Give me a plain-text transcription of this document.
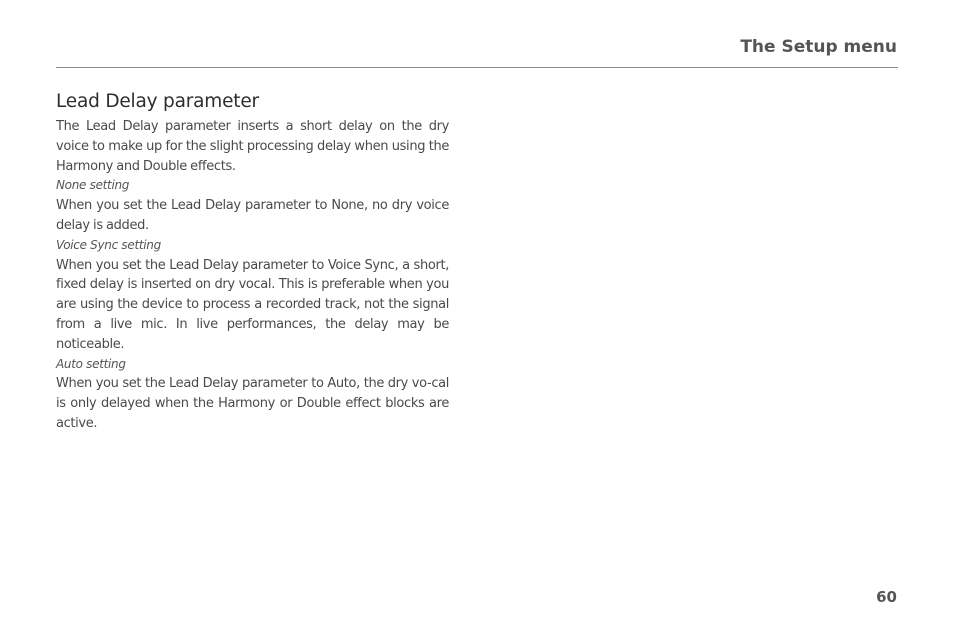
The Setup menu
Lead Delay parameter

The Lead Delay parameter inserts a short delay on the dry voice to make up for the slight processing delay when using the Harmony and Double effects.

None setting

When you set the Lead Delay parameter to None, no dry voice delay is added.

Voice Sync setting

When you set the Lead Delay parameter to Voice Sync, a short, fixed delay is inserted on dry vocal. This is preferable when you are using the device to process a recorded track, not the signal from a live mic. In live performances, the delay may be noticeable.

Auto setting

When you set the Lead Delay parameter to Auto, the dry vo-cal is only delayed when the Harmony or Double effect blocks are active.

60
